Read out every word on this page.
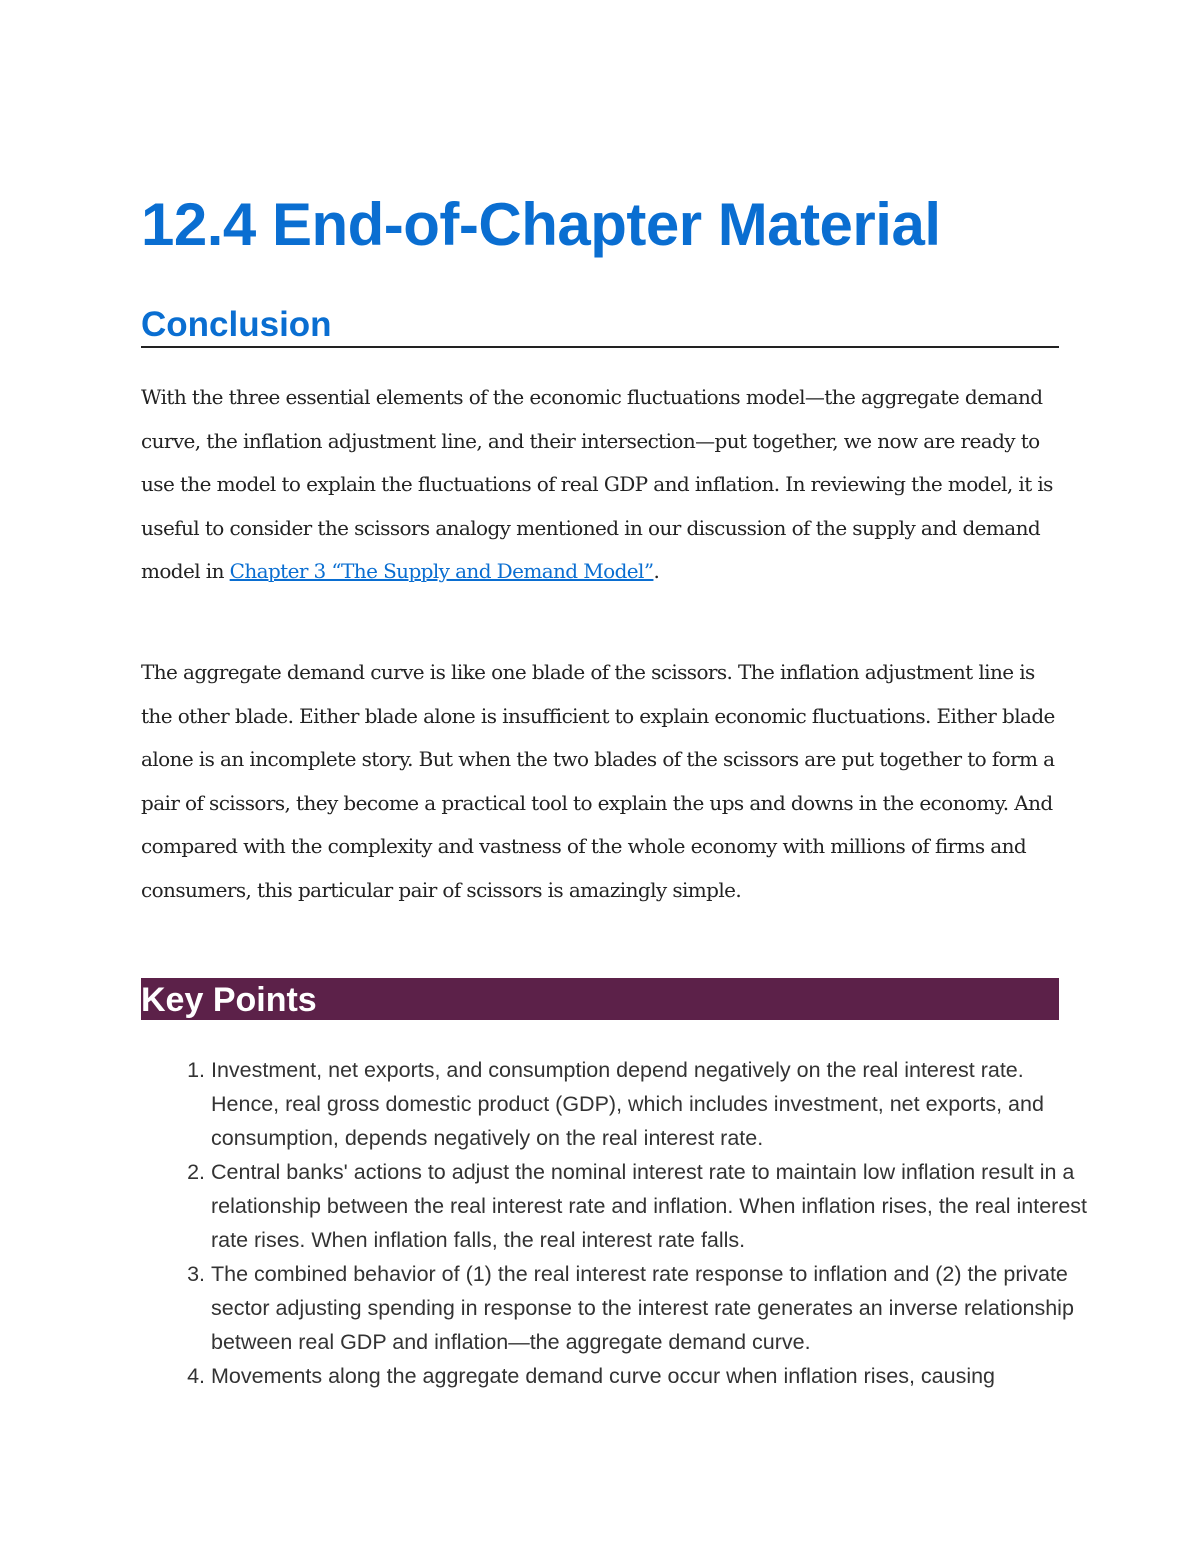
12.4 End-of-Chapter Material
Conclusion

With the three essential elements of the economic fluctuations model—the aggregate demand curve, the inflation adjustment line, and their intersection—put together, we now are ready to use the model to explain the fluctuations of real GDP and inflation. In reviewing the model, it is useful to consider the scissors analogy mentioned in our discussion of the supply and demand model in Chapter 3 “The Supply and Demand Model”.

The aggregate demand curve is like one blade of the scissors. The inflation adjustment line is the other blade. Either blade alone is insufficient to explain economic fluctuations. Either blade alone is an incomplete story. But when the two blades of the scissors are put together to form a pair of scissors, they become a practical tool to explain the ups and downs in the economy. And compared with the complexity and vastness of the whole economy with millions of firms and consumers, this particular pair of scissors is amazingly simple.

Key Points
1. Investment, net exports, and consumption depend negatively on the real interest rate. Hence, real gross domestic product (GDP), which includes investment, net exports, and consumption, depends negatively on the real interest rate.
2. Central banks' actions to adjust the nominal interest rate to maintain low inflation result in a relationship between the real interest rate and inflation. When inflation rises, the real interest rate rises. When inflation falls, the real interest rate falls.
3. The combined behavior of (1) the real interest rate response to inflation and (2) the private sector adjusting spending in response to the interest rate generates an inverse relationship between real GDP and inflation—the aggregate demand curve.
4. Movements along the aggregate demand curve occur when inflation rises, causing
